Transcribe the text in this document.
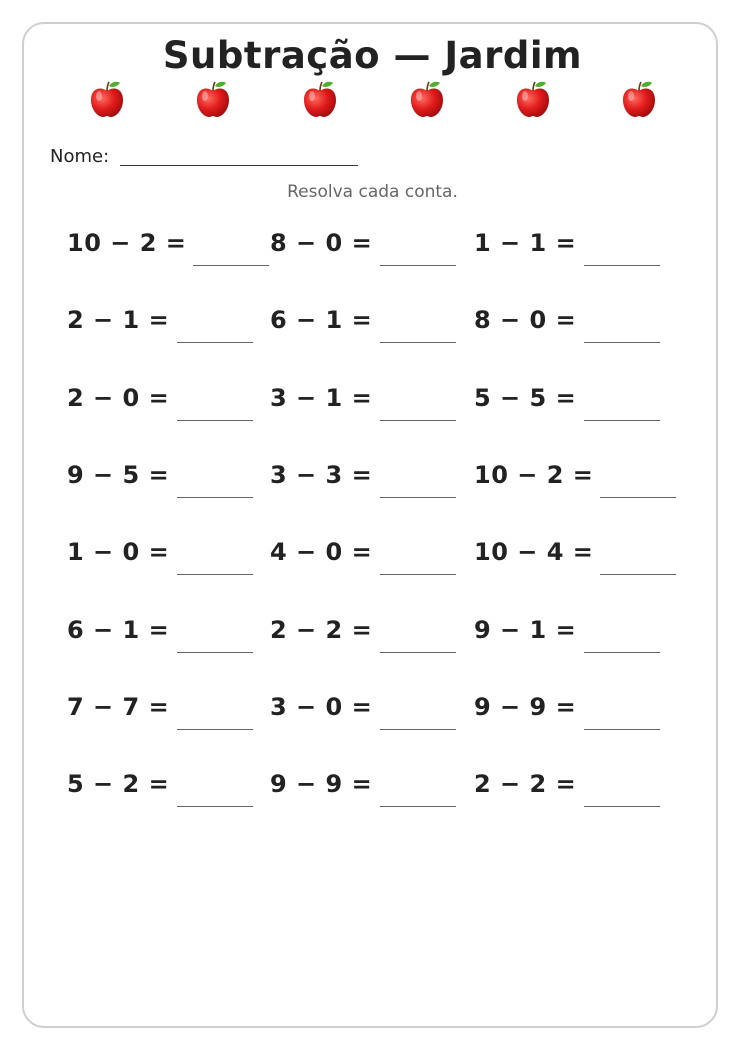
Subtração — Jardim
Nome:
Resolva cada conta.
10 − 2 =	8 − 0 =	1 − 1 =
2 − 1 =	6 − 1 =	8 − 0 =
2 − 0 =	3 − 1 =	5 − 5 =
9 − 5 =	3 − 3 =	10 − 2 =
1 − 0 =	4 − 0 =	10 − 4 =
6 − 1 =	2 − 2 =	9 − 1 =
7 − 7 =	3 − 0 =	9 − 9 =
5 − 2 =	9 − 9 =	2 − 2 =
